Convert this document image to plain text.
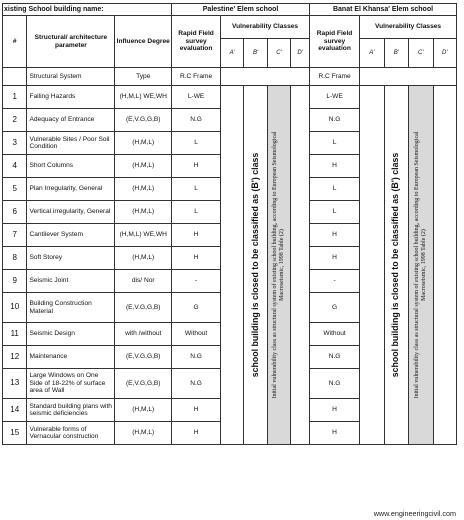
xisting School building name:			Palestine' Elem school					Banat El Khansa' Elem school				
#	Structural/ architecture parameter	Influence Degree	Rapid Field survey evaluation	Vulnerability Classes				Rapid Field survey evaluation	Vulnerability Classes			
				A'	B'	C'	D'		A'	B'	C'	D'
	Structural System	Type	R.C Frame					R.C Frame				
1	Falling Hazards	(H,M,L) WE,WH	L-WE		school building is closed to be classified as (B') class	Initial vulnerability class as structural system of existing school building, according to European Seismological Macroseismic, 1998 Table (2)		L-WE		school building is closed to be classified as (B') class	Initial vulnerability class as structural system of existing school building, according to European Seismological Macroseismic, 1998 Table (2)	

2	Adequacy of Entrance	(E,V.G,G,B)	N.G					N.G				
3	Vulnerable Sites / Poor Soil Condition	(H,M,L)	L					L				
4	Short Columns	(H,M,L)	H					H				
5	Plan Irregularity, General	(H,M,L)	L					L				
6	Vertical irregularity, General	(H,M,L)	L					L				
7	Cantilever System	(H,M,L) WE,WH	H					H				
8	Soft Storey	(H,M,L)	H					H				
9	Seismic Joint	dis/ Nor	-					-				
10	Building Construction Material	(E,V.G,G,B)	G					G				
11	Seismic Design	with /without	Without					Without				
12	Maintenance	(E,V.G,G,B)	N.G					N.G				
13	Large Windows on One Side of 18-22% of surface area of Wall	(E,V.G,G,B)	N.G					N.G				
14	Standard building plans with seismic deficiencies	(H,M,L)	H					H				
15	Vulnerable forms of Vernacular construction	(H,M,L)	H					H				
www.engineeringcivil.com
